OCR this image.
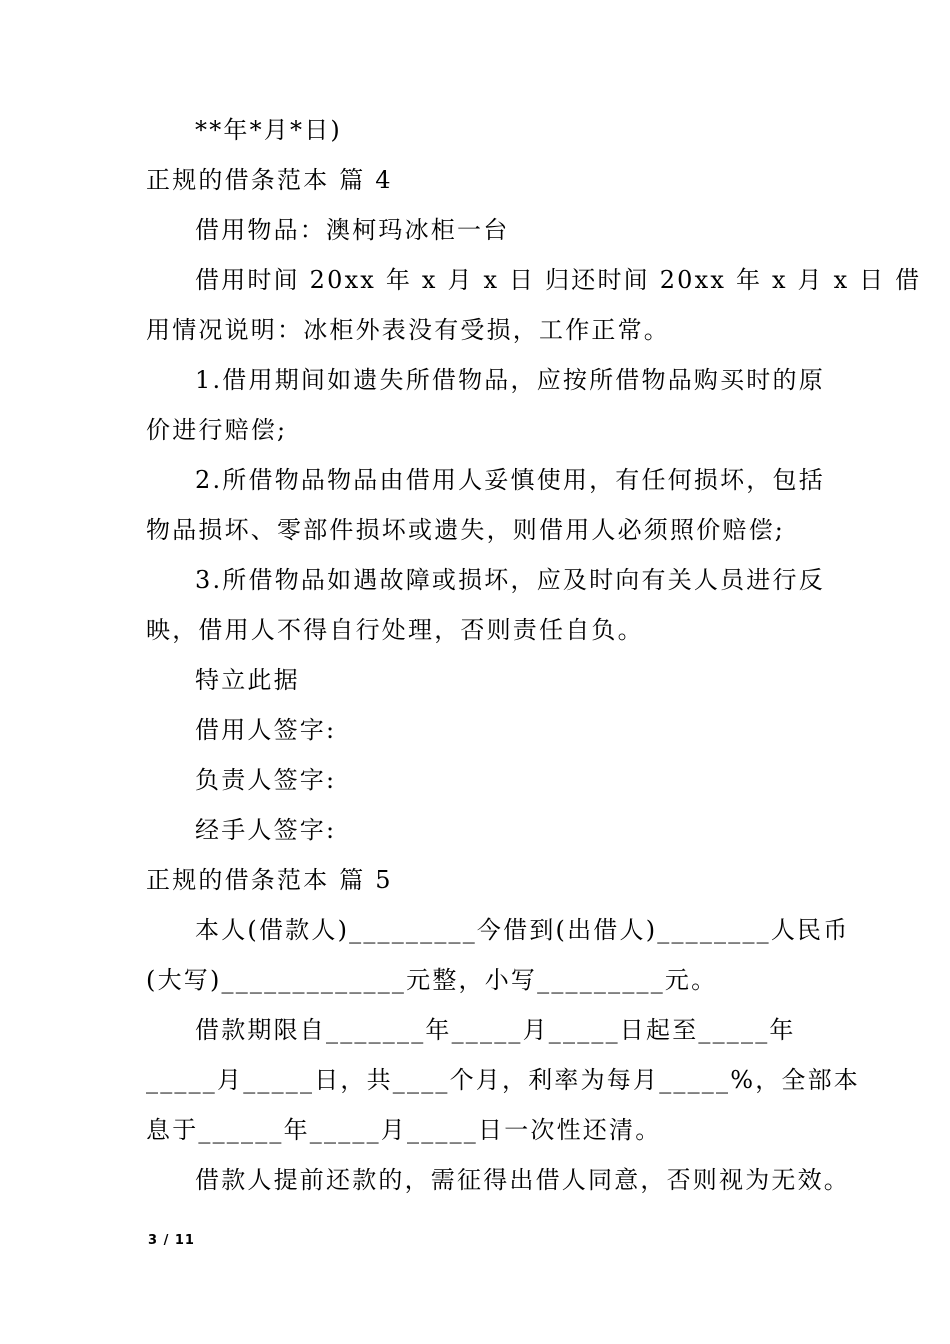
**年*月*日)
正规的借条范本 篇 4
借用物品：澳柯玛冰柜一台
借用时间 20xx 年 x 月 x 日 归还时间 20xx 年 x 月 x 日 借
用情况说明：冰柜外表没有受损，工作正常。
1.借用期间如遗失所借物品，应按所借物品购买时的原
价进行赔偿;
2.所借物品物品由借用人妥慎使用，有任何损坏，包括
物品损坏、零部件损坏或遗失，则借用人必须照价赔偿;
3.所借物品如遇故障或损坏，应及时向有关人员进行反
映，借用人不得自行处理，否则责任自负。
特立此据
借用人签字:
负责人签字:
经手人签字:
正规的借条范本 篇 5
本人(借款人)_________今借到(出借人)________人民币
(大写)_____________元整，小写_________元。
借款期限自_______年_____月_____日起至_____年
_____月_____日，共____个月，利率为每月_____%，全部本
息于______年_____月_____日一次性还清。
借款人提前还款的，需征得出借人同意，否则视为无效。
3 / 11
